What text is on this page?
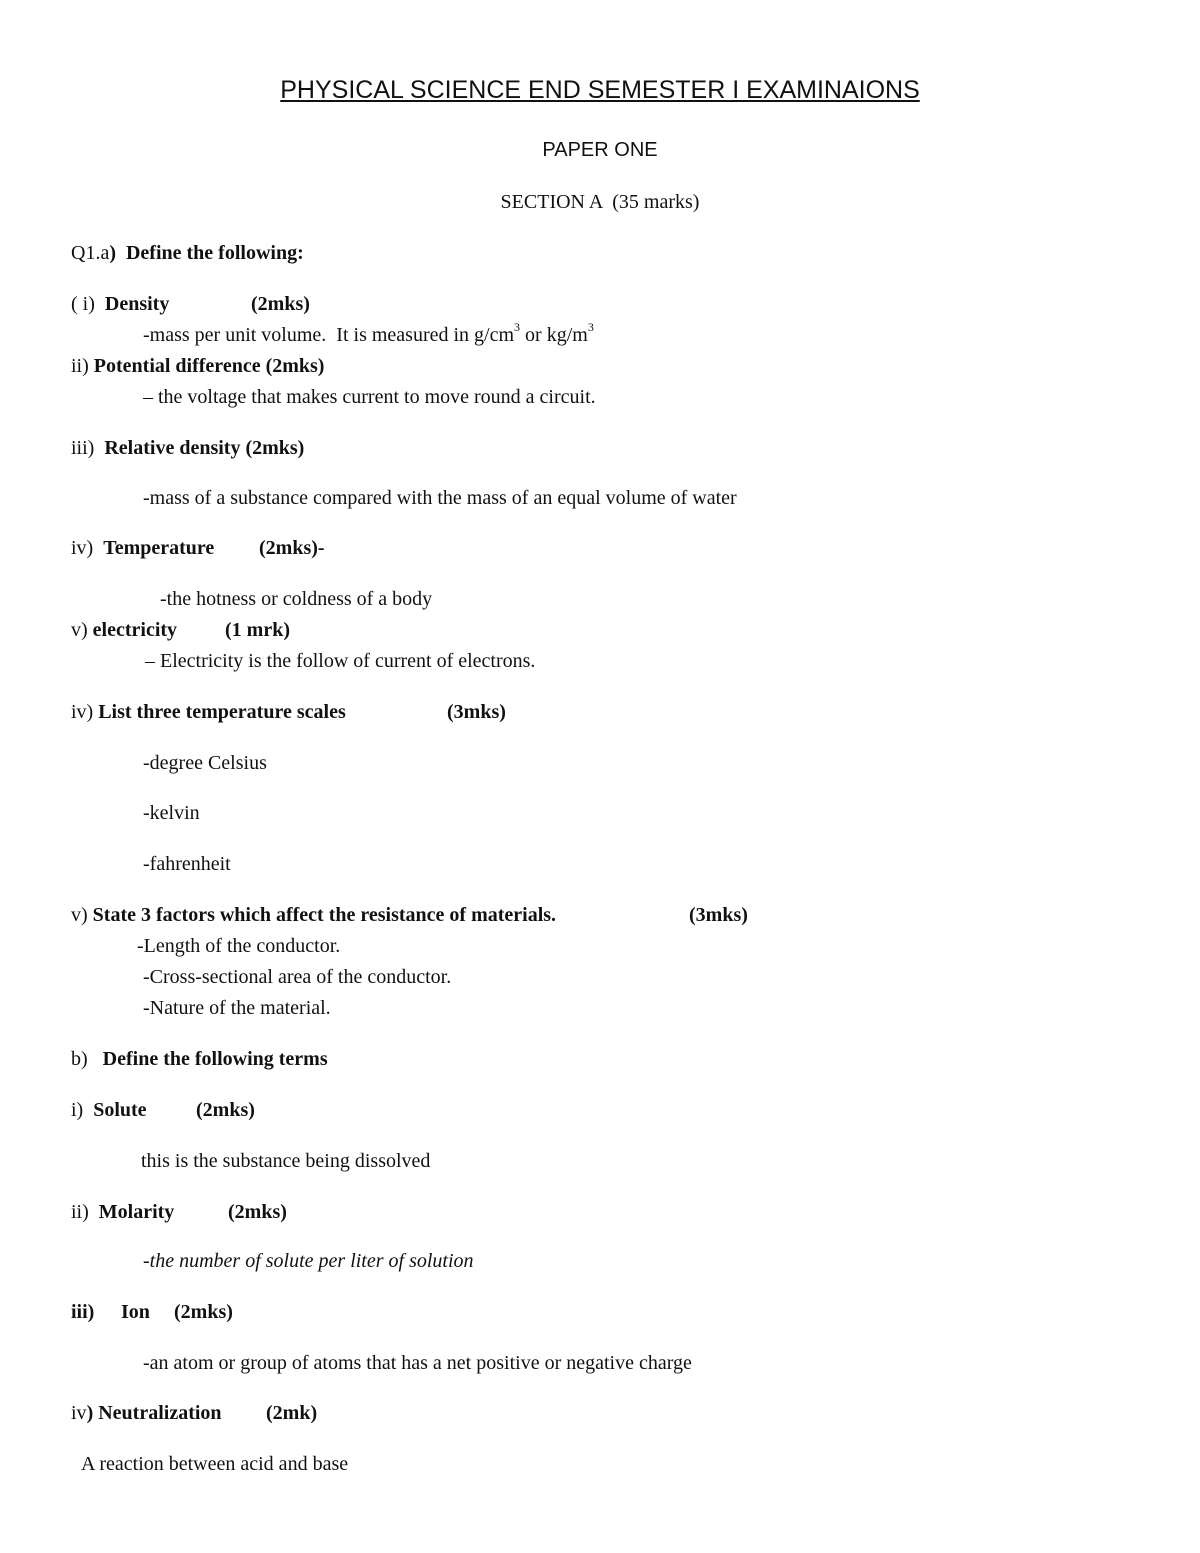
PHYSICAL SCIENCE END SEMESTER I EXAMINAIONS
PAPER ONE
SECTION A  (35 marks)
Q1.a)  Define the following:
( i)  Density	(2mks)
-mass per unit volume.  It is measured in $g/cm^3$ or $kg/m^3$
ii) Potential difference (2mks)
– the voltage that makes current to move round a circuit.
iii)  Relative density (2mks)
-mass of a substance compared with the mass of an equal volume of water
iv)  Temperature (2mks)-
-the hotness or coldness of a body
v) electricity (1 mrk)
– Electricity is the follow of current of electrons.
iv) List three temperature scales	(3mks)
-degree Celsius
-kelvin
-fahrenheit
v) State 3 factors which affect the resistance of materials.	(3mks)
-Length of the conductor.
-Cross-sectional area of the conductor.
-Nature of the material.
b)   Define the following terms
i)  Solute (2mks)
this is the substance being dissolved
ii)  Molarity	(2mks)
-the number of solute per liter of solution
iii) Ion (2mks)
-an atom or group of atoms that has a net positive or negative charge
iv) Neutralization (2mk)
A reaction between acid and base
